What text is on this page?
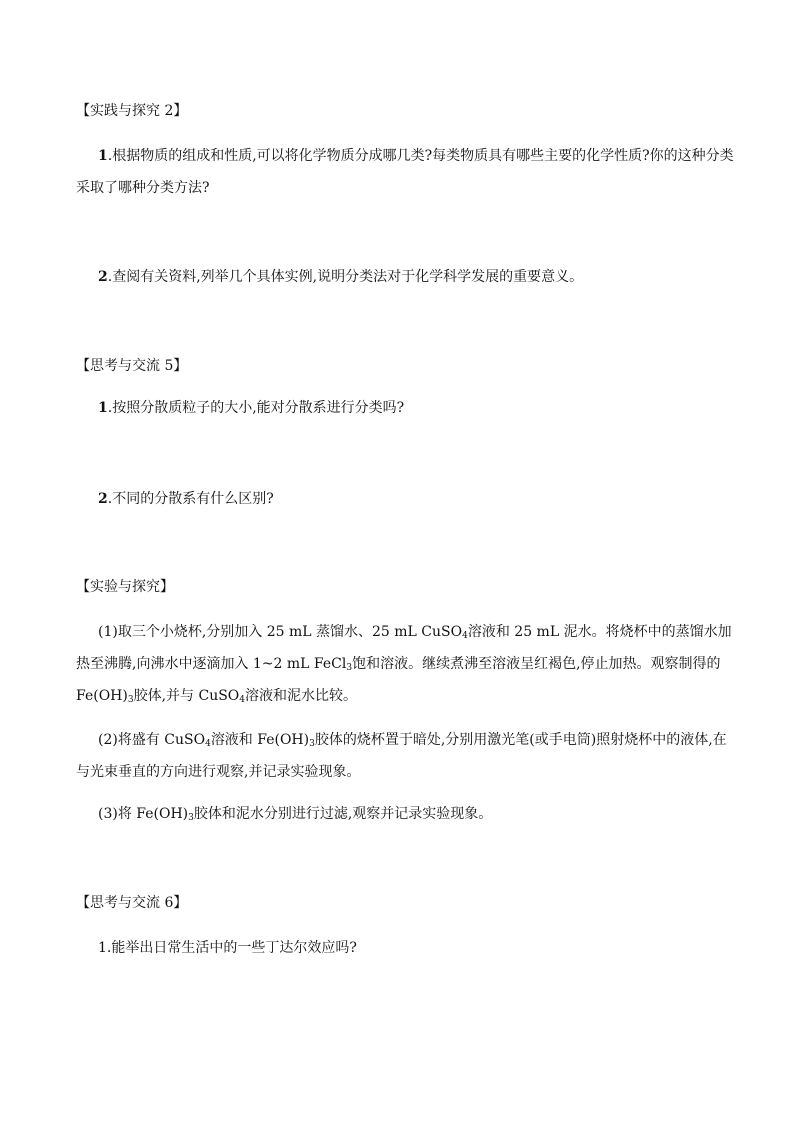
【实践与探究 2】

1.根据物质的组成和性质,可以将化学物质分成哪几类?每类物质具有哪些主要的化学性质?你的这种分类采取了哪种分类方法?

2.查阅有关资料,列举几个具体实例,说明分类法对于化学科学发展的重要意义。

【思考与交流 5】

1.按照分散质粒子的大小,能对分散系进行分类吗?

2.不同的分散系有什么区别?

【实验与探究】

(1)取三个小烧杯,分别加入 25 mL 蒸馏水、25 mL CuSO$_4$溶液和 25 mL 泥水。将烧杯中的蒸馏水加热至沸腾,向沸水中逐滴加入 1~2 mL FeCl$_3$饱和溶液。继续煮沸至溶液呈红褐色,停止加热。观察制得的 $Fe(OH)_3$胶体,并与 CuSO$_4$溶液和泥水比较。

(2)将盛有 CuSO$_4$溶液和 $Fe(OH)_3$胶体的烧杯置于暗处,分别用激光笔(或手电筒)照射烧杯中的液体,在与光束垂直的方向进行观察,并记录实验现象。

(3)将 $Fe(OH)_3$胶体和泥水分别进行过滤,观察并记录实验现象。

【思考与交流 6】

1.能举出日常生活中的一些丁达尔效应吗?
